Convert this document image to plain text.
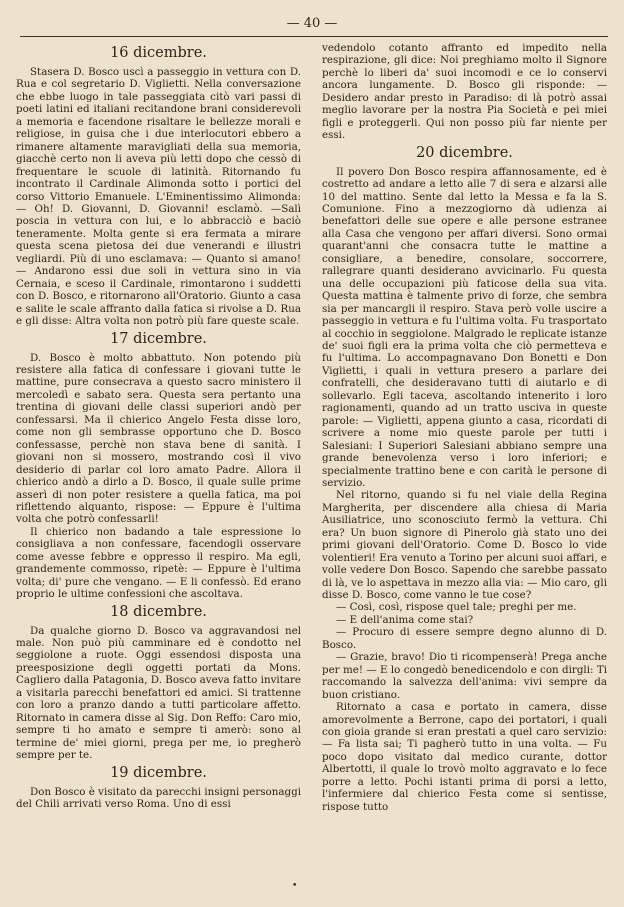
— 40 —
16 dicembre.

Stasera D. Bosco uscì a passeggio in vettura con D. Rua e col segretario D. Viglietti. Nella conversazione che ebbe luogo in tale passeggiata citò vari passi di poeti latini ed italiani recitandone brani considerevoli a memoria e facendone risaltare le bellezze morali e religiose, in guisa che i due interlocutori ebbero a rimanere altamente maravigliati della sua memoria, giacchè certo non li aveva più letti dopo che cessò di frequentare le scuole di latinità. Ritornando fu incontrato il Cardinale Alimonda sotto i portici del corso Vittorio Emanuele. L'Eminentissimo Alimonda: — Oh! D. Giovanni, D. Giovanni! esclamò. —Salì poscia in vettura con lui, e lo abbracciò e baciò teneramente. Molta gente si era fermata a mirare questa scena pietosa dei due venerandi e illustri vegliardi. Più di uno esclamava: — Quanto si amano! — Andarono essi due soli in vettura sino in via Cernaia, e sceso il Cardinale, rimontarono i suddetti con D. Bosco, e ritornarono all'Oratorio. Giunto a casa e salite le scale affranto dalla fatica si rivolse a D. Rua e gli disse: Altra volta non potrò più fare queste scale.

17 dicembre.

D. Bosco è molto abbattuto. Non potendo più resistere alla fatica di confessare i giovani tutte le mattine, pure consecrava a questo sacro ministero il mercoledì e sabato sera. Questa sera pertanto una trentina di giovani delle classi superiori andò per confessarsi. Ma il chierico Angelo Festa disse loro, come non gli sembrasse opportuno che D. Bosco confessasse, perchè non stava bene di sanità. I giovani non si mossero, mostrando così il vivo desiderio di parlar col loro amato Padre. Allora il chierico andò a dirlo a D. Bosco, il quale sulle prime asserì di non poter resistere a quella fatica, ma poi riflettendo alquanto, rispose: — Eppure è l'ultima volta che potrò confessarli!

Il chierico non badando a tale espressione lo consigliava a non confessare, facendogli osservare come avesse febbre e oppresso il respiro. Ma egli, grandemente commosso, ripetè: — Eppure è l'ultima volta; di' pure che vengano. — E li confessò. Ed erano proprio le ultime confessioni che ascoltava.

18 dicembre.

Da qualche giorno D. Bosco va aggravandosi nel male. Non può più camminare ed è condotto nel seggiolone a ruote. Oggi essendosi disposta una preesposizione degli oggetti portati da Mons. Cagliero dalla Patagonia, D. Bosco aveva fatto invitare a visitarla parecchi benefattori ed amici. Si trattenne con loro a pranzo dando a tutti particolare affetto. Ritornato in camera disse al Sig. Don Reffo: Caro mio, sempre ti ho amato e sempre ti amerò: sono al termine de' miei giorni, prega per me, io pregherò sempre per te.

19 dicembre.

Don Bosco è visitato da parecchi insigni personaggi del Chili arrivati verso Roma. Uno di essi

vedendolo cotanto affranto ed impedito nella respirazione, gli dice: Noi preghiamo molto il Signore perchè lo liberi da' suoi incomodi e ce lo conservi ancora lungamente. D. Bosco gli risponde: — Desidero andar presto in Paradiso: di là potrò assai meglio lavorare per la nostra Pia Società e pei miei figli e proteggerli. Qui non posso più far niente per essi.

20 dicembre.

Il povero Don Bosco respira affannosamente, ed è costretto ad andare a letto alle 7 di sera e alzarsi alle 10 del mattino. Sente dal letto la Messa e fa la S. Comunione. Fino a mezzogiorno dà udienza ai benefattori delle sue opere e alle persone estranee alla Casa che vengono per affari diversi. Sono ormai quarant'anni che consacra tutte le mattine a consigliare, a benedire, consolare, soccorrere, rallegrare quanti desiderano avvicinarlo. Fu questa una delle occupazioni più faticose della sua vita. Questa mattina è talmente privo di forze, che sembra sia per mancargli il respiro. Stava però volle uscire a passeggio in vettura e fu l'ultima volta. Fu trasportato al cocchio in seggiolone. Malgrado le replicate istanze de' suoi figli era la prima volta che ciò permetteva e fu l'ultima. Lo accompagnavano Don Bonetti e Don Viglietti, i quali in vettura presero a parlare dei confratelli, che desideravano tutti di aiutarlo e di sollevarlo. Egli taceva, ascoltando intenerito i loro ragionamenti, quando ad un tratto usciva in queste parole: — Viglietti, appena giunto a casa, ricordati di scrivere a nome mio queste parole per tutti i Salesiani: I Superiori Salesiani abbiano sempre una grande benevolenza verso i loro inferiori; e specialmente trattino bene e con carità le persone di servizio.

Nel ritorno, quando si fu nel viale della Regina Margherita, per discendere alla chiesa di Maria Ausiliatrice, uno sconosciuto fermò la vettura. Chi era? Un buon signore di Pinerolo già stato uno dei primi giovani dell'Oratorio. Come D. Bosco lo vide volentieri! Era venuto a Torino per alcuni suoi affari, e volle vedere Don Bosco. Sapendo che sarebbe passato di là, ve lo aspettava in mezzo alla via: — Mio caro, gli disse D. Bosco, come vanno le tue cose?

— Così, così, rispose quel tale; preghi per me.

— E dell'anima come stai?

— Procuro di essere sempre degno alunno di D. Bosco.

— Grazie, bravo! Dio ti ricompenserà! Prega anche per me! — E lo congedò benedicendolo e con dirgli: Ti raccomando la salvezza dell'anima: vivi sempre da buon cristiano.

Ritornato a casa e portato in camera, disse amorevolmente a Berrone, capo dei portatori, i quali con gioia grande si eran prestati a quel caro servizio: — Fa lista sai; Ti pagherò tutto in una volta. — Fu poco dopo visitato dal medico curante, dottor Albertotti, il quale lo trovò molto aggravato e lo fece porre a letto. Pochi istanti prima di porsi a letto, l'infermiere dal chierico Festa come si sentisse, rispose tutto

•
